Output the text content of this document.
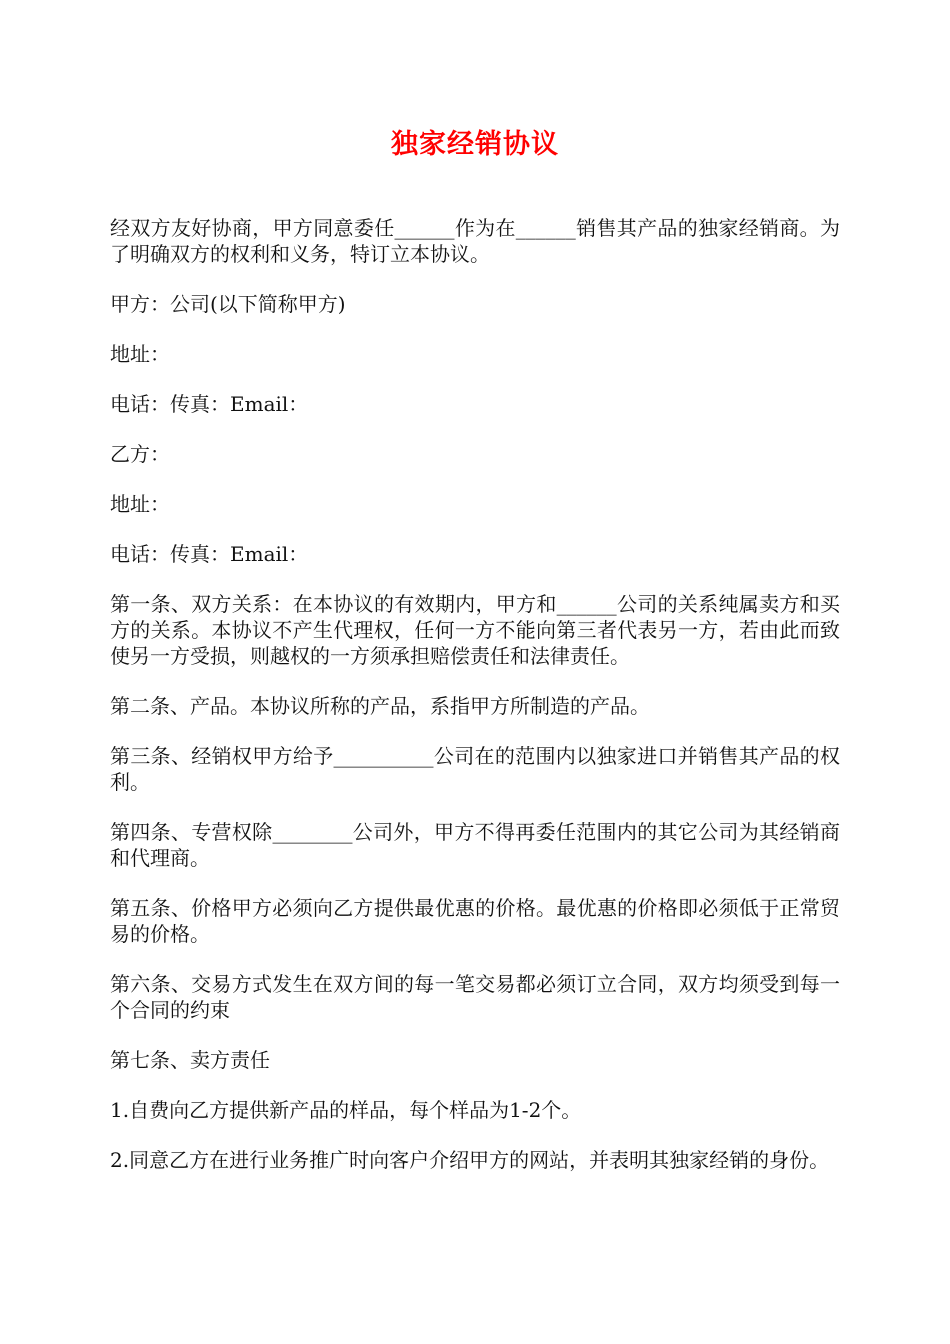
独家经销协议

经双方友好协商，甲方同意委任______作为在______销售其产品的独家经销商。为了明确双方的权利和义务，特订立本协议。

甲方：公司(以下简称甲方)

地址：

电话：传真：Email：

乙方：

地址：

电话：传真：Email：

第一条、双方关系：在本协议的有效期内，甲方和______公司的关系纯属卖方和买方的关系。本协议不产生代理权，任何一方不能向第三者代表另一方，若由此而致使另一方受损，则越权的一方须承担赔偿责任和法律责任。

第二条、产品。本协议所称的产品，系指甲方所制造的产品。

第三条、经销权甲方给予__________公司在的范围内以独家进口并销售其产品的权利。

第四条、专营权除________公司外，甲方不得再委任范围内的其它公司为其经销商和代理商。

第五条、价格甲方必须向乙方提供最优惠的价格。最优惠的价格即必须低于正常贸易的价格。

第六条、交易方式发生在双方间的每一笔交易都必须订立合同，双方均须受到每一个合同的约束

第七条、卖方责任

1.自费向乙方提供新产品的样品，每个样品为1-2个。

2.同意乙方在进行业务推广时向客户介绍甲方的网站，并表明其独家经销的身份。
